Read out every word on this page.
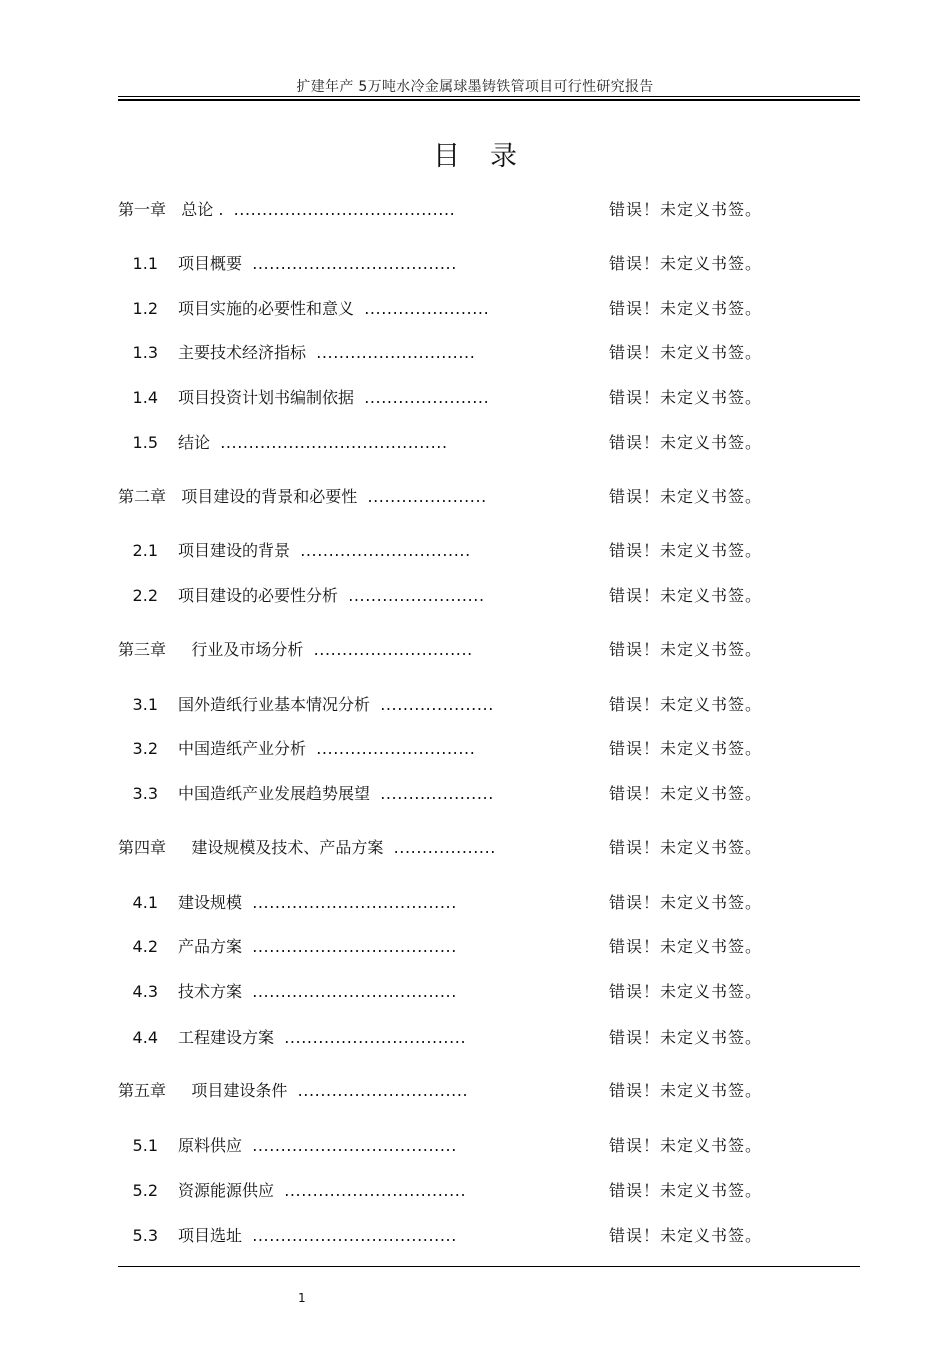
扩建年产 5万吨水冷金属球墨铸铁管项目可行性研究报告
目录
第一章   总论 . .......................................	错误！未定义书签。
1.1 项目概要 ....................................	错误！未定义书签。
1.2 项目实施的必要性和意义 ......................	错误！未定义书签。
1.3 主要技术经济指标 ............................	错误！未定义书签。
1.4 项目投资计划书编制依据 ......................	错误！未定义书签。
1.5 结论 ........................................	错误！未定义书签。
第二章   项目建设的背景和必要性 .....................	错误！未定义书签。
2.1 项目建设的背景 ..............................	错误！未定义书签。
2.2 项目建设的必要性分析 ........................	错误！未定义书签。
第三章     行业及市场分析 ............................	错误！未定义书签。
3.1 国外造纸行业基本情况分析 ....................	错误！未定义书签。
3.2 中国造纸产业分析 ............................	错误！未定义书签。
3.3 中国造纸产业发展趋势展望 ....................	错误！未定义书签。
第四章     建设规模及技术、产品方案 ..................	错误！未定义书签。
4.1 建设规模 ....................................	错误！未定义书签。
4.2 产品方案 ....................................	错误！未定义书签。
4.3 技术方案 ....................................	错误！未定义书签。
4.4 工程建设方案 ................................	错误！未定义书签。
第五章     项目建设条件 ..............................	错误！未定义书签。
5.1 原料供应 ....................................	错误！未定义书签。
5.2 资源能源供应 ................................	错误！未定义书签。
5.3 项目选址 ....................................	错误！未定义书签。
1
